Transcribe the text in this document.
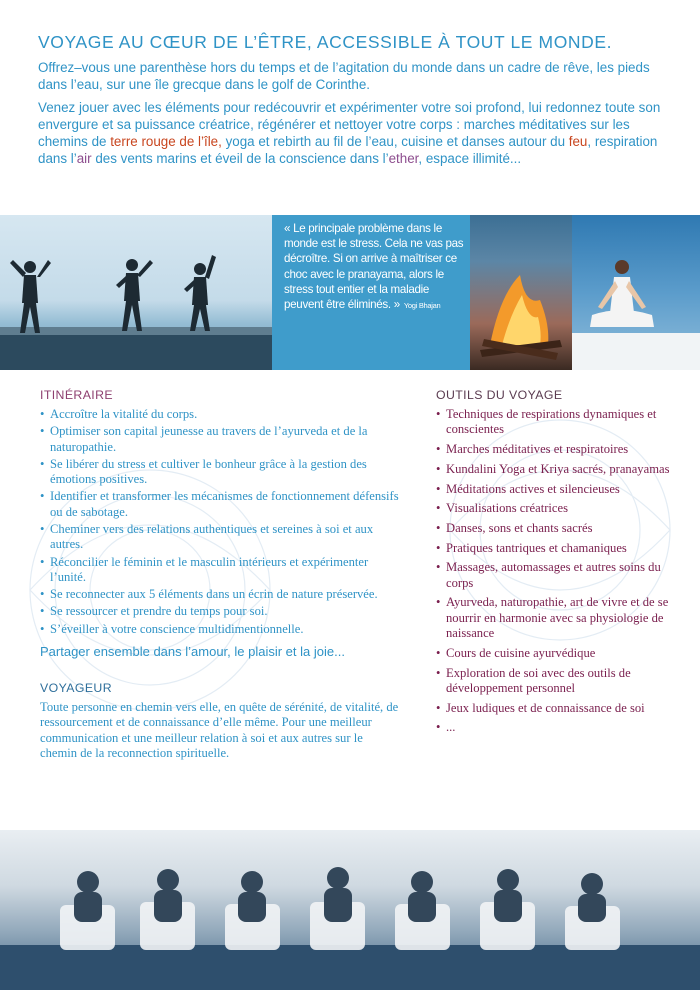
VOYAGE AU CŒUR DE L’ÊTRE, ACCESSIBLE À TOUT LE MONDE.

Offrez–vous une parenthèse hors du temps et de l’agitation du monde dans un cadre de rêve, les pieds dans l’eau, sur une île grecque dans le golf de Corinthe.

Venez jouer avec les éléments pour redécouvrir et expérimenter votre soi profond, lui redonnez toute son envergure et sa puissance créatrice, régénérer et nettoyer votre corps : marches méditatives sur les chemins de terre rouge de l’île, yoga et rebirth au fil de l’eau, cuisine et danses autour du feu, respiration dans l’air des vents marins et éveil de la conscience dans l’ether, espace illimité...

« Le principale problème dans le monde est le stress. Cela ne vas pas décroître. Si on arrive à maîtriser ce choc avec le pranayama, alors le stress tout entier et la maladie peuvent être éliminés. » Yogi Bhajan
ITINÉRAIRE
• Accroître la vitalité du corps.
• Optimiser son capital jeunesse au travers de l’ayurveda et de la naturopathie.
• Se libérer du stress et cultiver le bonheur grâce à la gestion des émotions positives.
• Identifier et transformer les mécanismes de fonctionnement défensifs ou de sabotage.
• Cheminer vers des relations authentiques et sereines à soi et aux autres.
• Réconcilier le féminin et le masculin intérieurs et expérimenter l’unité.
• Se reconnecter aux 5 éléments dans un écrin de nature préservée.
• Se ressourcer et prendre du temps pour soi.
• S’éveiller à votre conscience multidimentionnelle.

Partager ensemble dans l’amour, le plaisir et la joie...

VOYAGEUR

Toute personne en chemin vers elle, en quête de sérénité, de vitalité, de ressourcement et de connaissance d’elle même. Pour une meilleur communication et une meilleur relation à soi et aux autres sur le chemin de la reconnection spirituelle.

OUTILS DU VOYAGE
• Techniques de respirations dynamiques et conscientes
• Marches méditatives et respiratoires
• Kundalini Yoga et Kriya sacrés, pranayamas
• Méditations actives et silencieuses
• Visualisations créatrices
• Danses, sons et chants sacrés
• Pratiques tantriques et chamaniques
• Massages, automassages et autres soins du corps
• Ayurveda, naturopathie, art de vivre et de se nourrir en harmonie avec sa physiologie de naissance
• Cours de cuisine ayurvédique
• Exploration de soi avec des outils de développement personnel
• Jeux ludiques et de connaissance de soi
• ...
